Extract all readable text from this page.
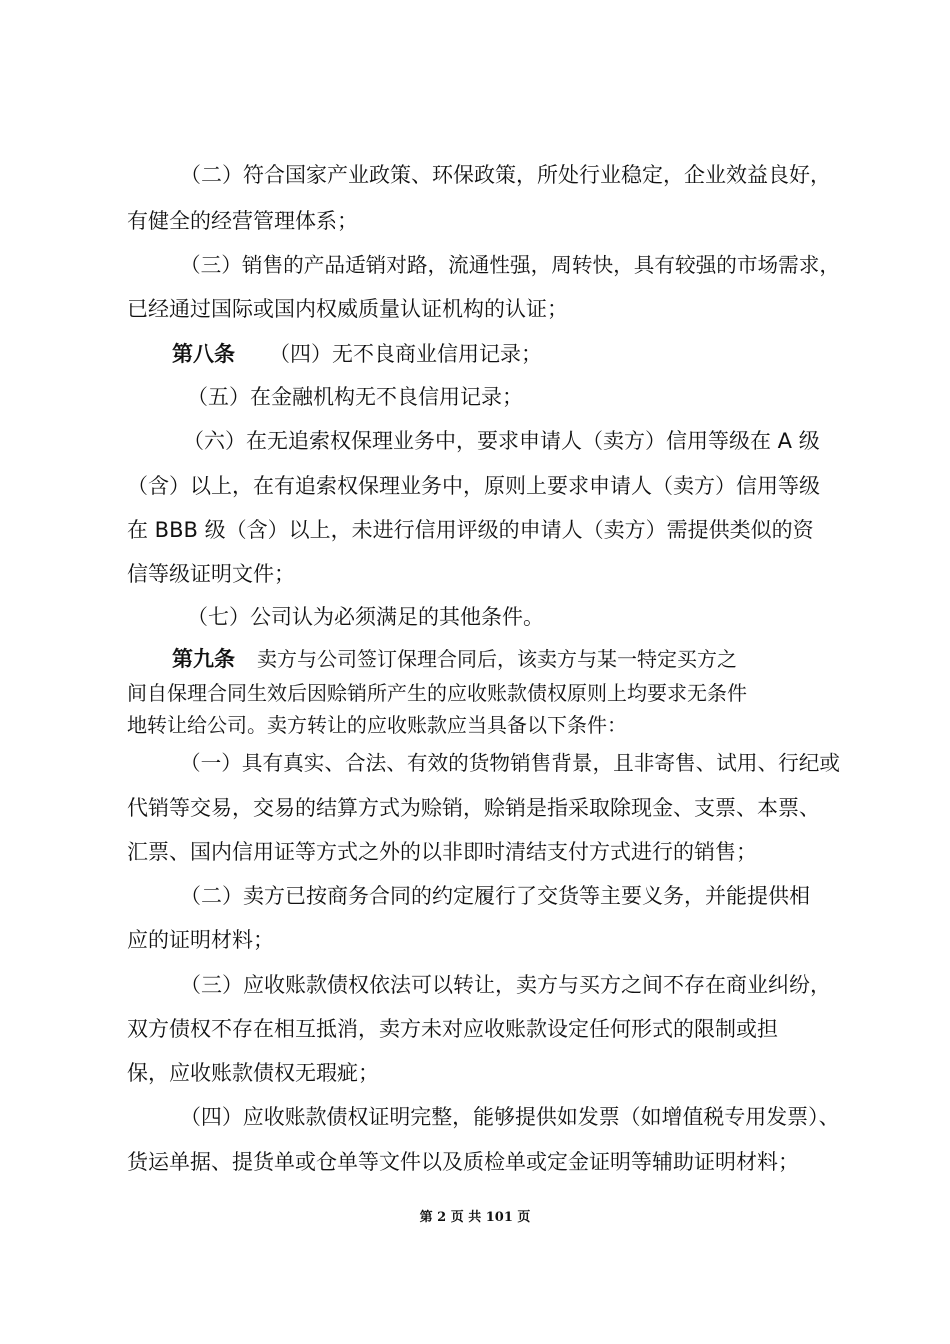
（二）符合国家产业政策、环保政策，所处行业稳定，企业效益良好，
有健全的经营管理体系；
（三）销售的产品适销对路，流通性强，周转快，具有较强的市场需求，
已经通过国际或国内权威质量认证机构的认证；
第八条 （四）无不良商业信用记录；
（五）在金融机构无不良信用记录；
（六）在无追索权保理业务中，要求申请人（卖方）信用等级在 A 级
（含）以上，在有追索权保理业务中，原则上要求申请人（卖方）信用等级
在 BBB 级（含）以上，未进行信用评级的申请人（卖方）需提供类似的资
信等级证明文件；
（七）公司认为必须满足的其他条件。
第九条 卖方与公司签订保理合同后，该卖方与某一特定买方之
间自保理合同生效后因赊销所产生的应收账款债权原则上均要求无条件
地转让给公司。卖方转让的应收账款应当具备以下条件：
（一）具有真实、合法、有效的货物销售背景，且非寄售、试用、行纪或
代销等交易，交易的结算方式为赊销，赊销是指采取除现金、支票、本票、
汇票、国内信用证等方式之外的以非即时清结支付方式进行的销售；
（二）卖方已按商务合同的约定履行了交货等主要义务，并能提供相
应的证明材料；
（三）应收账款债权依法可以转让，卖方与买方之间不存在商业纠纷，
双方债权不存在相互抵消，卖方未对应收账款设定任何形式的限制或担
保，应收账款债权无瑕疵；
（四）应收账款债权证明完整，能够提供如发票（如增值税专用发票）、
货运单据、提货单或仓单等文件以及质检单或定金证明等辅助证明材料；
第 2 页 共 101 页
